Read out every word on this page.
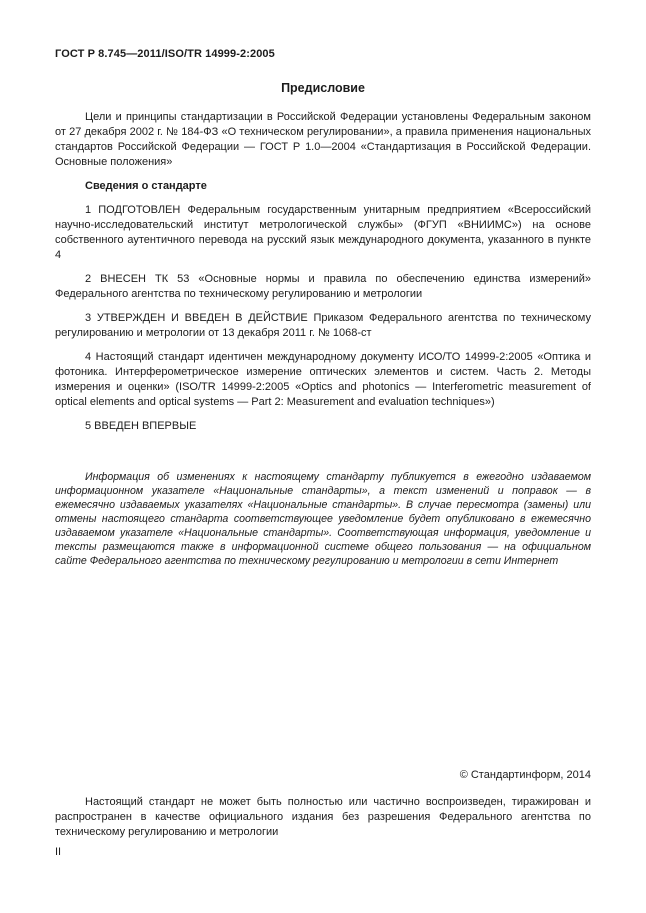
ГОСТ Р 8.745—2011/ISO/TR 14999-2:2005
Предисловие
Цели и принципы стандартизации в Российской Федерации установлены Федеральным законом от 27 декабря 2002 г. № 184-ФЗ «О техническом регулировании», а правила применения национальных стандартов Российской Федерации — ГОСТ Р 1.0—2004 «Стандартизация в Российской Федерации. Основные положения»
Сведения о стандарте
1 ПОДГОТОВЛЕН Федеральным государственным унитарным предприятием «Всероссийский научно-исследовательский институт метрологической службы» (ФГУП «ВНИИМС») на основе собственного аутентичного перевода на русский язык международного документа, указанного в пункте 4
2 ВНЕСЕН ТК 53 «Основные нормы и правила по обеспечению единства измерений» Федерального агентства по техническому регулированию и метрологии
3 УТВЕРЖДЕН И ВВЕДЕН В ДЕЙСТВИЕ Приказом Федерального агентства по техническому регулированию и метрологии от 13 декабря 2011 г. № 1068-ст
4 Настоящий стандарт идентичен международному документу ИСО/ТО 14999-2:2005 «Оптика и фотоника. Интерферометрическое измерение оптических элементов и систем. Часть 2. Методы измерения и оценки» (ISO/TR 14999-2:2005 «Optics and photonics — Interferometric measurement of optical elements and optical systems — Part 2: Measurement and evaluation techniques»)
5 ВВЕДЕН ВПЕРВЫЕ
Информация об изменениях к настоящему стандарту публикуется в ежегодно издаваемом информационном указателе «Национальные стандарты», а текст изменений и поправок — в ежемесячно издаваемых указателях «Национальные стандарты». В случае пересмотра (замены) или отмены настоящего стандарта соответствующее уведомление будет опубликовано в ежемесячно издаваемом указателе «Национальные стандарты». Соответствующая информация, уведомление и тексты размещаются также в информационной системе общего пользования — на официальном сайте Федерального агентства по техническому регулированию и метрологии в сети Интернет
© Стандартинформ, 2014
Настоящий стандарт не может быть полностью или частично воспроизведен, тиражирован и распространен в качестве официального издания без разрешения Федерального агентства по техническому регулированию и метрологии
II
